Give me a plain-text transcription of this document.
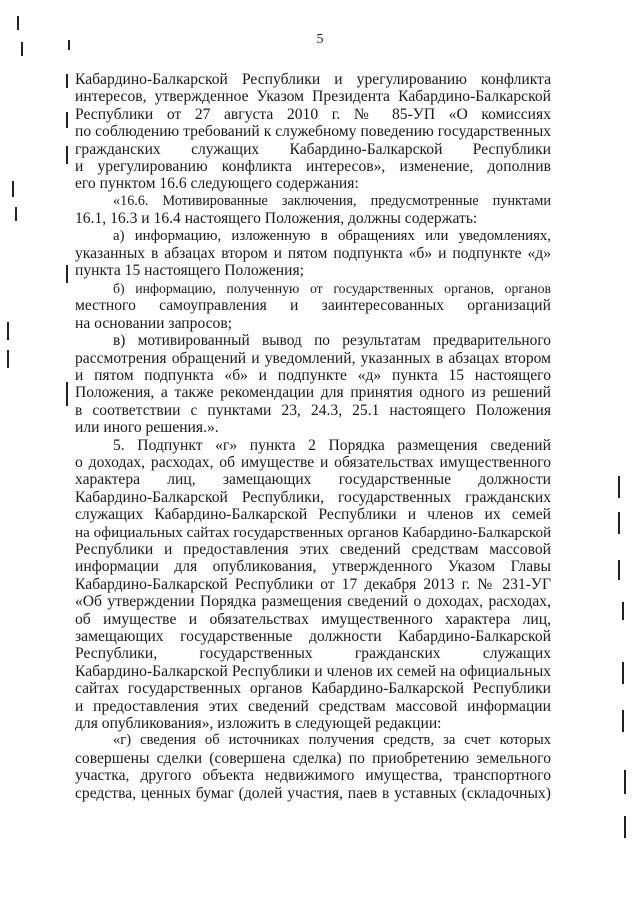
5
Кабардино-Балкарской Республики и урегулированию конфликта
интересов, утвержденное Указом Президента Кабардино-Балкарской
Республики от 27 августа 2010 г. № 85-УП «О комиссиях
по соблюдению требований к служебному поведению государственных
гражданских служащих Кабардино-Балкарской Республики
и урегулированию конфликта интересов», изменение, дополнив
его пунктом 16.6 следующего содержания:
«16.6. Мотивированные заключения, предусмотренные пунктами
16.1, 16.3 и 16.4 настоящего Положения, должны содержать:
а) информацию, изложенную в обращениях или уведомлениях,
указанных в абзацах втором и пятом подпункта «б» и подпункте «д»
пункта 15 настоящего Положения;
б) информацию, полученную от государственных органов, органов
местного самоуправления и заинтересованных организаций
на основании запросов;
в) мотивированный вывод по результатам предварительного
рассмотрения обращений и уведомлений, указанных в абзацах втором
и пятом подпункта «б» и подпункте «д» пункта 15 настоящего
Положения, а также рекомендации для принятия одного из решений
в соответствии с пунктами 23, 24.3, 25.1 настоящего Положения
или иного решения.».
5. Подпункт «г» пункта 2 Порядка размещения сведений
о доходах, расходах, об имуществе и обязательствах имущественного
характера лиц, замещающих государственные должности
Кабардино-Балкарской Республики, государственных гражданских
служащих Кабардино-Балкарской Республики и членов их семей
на официальных сайтах государственных органов Кабардино-Балкарской
Республики и предоставления этих сведений средствам массовой
информации для опубликования, утвержденного Указом Главы
Кабардино-Балкарской Республики от 17 декабря 2013 г. № 231-УГ
«Об утверждении Порядка размещения сведений о доходах, расходах,
об имуществе и обязательствах имущественного характера лиц,
замещающих государственные должности Кабардино-Балкарской
Республики, государственных гражданских служащих
Кабардино-Балкарской Республики и членов их семей на официальных
сайтах государственных органов Кабардино-Балкарской Республики
и предоставления этих сведений средствам массовой информации
для опубликования», изложить в следующей редакции:
«г) сведения об источниках получения средств, за счет которых
совершены сделки (совершена сделка) по приобретению земельного
участка, другого объекта недвижимого имущества, транспортного
средства, ценных бумаг (долей участия, паев в уставных (складочных)
